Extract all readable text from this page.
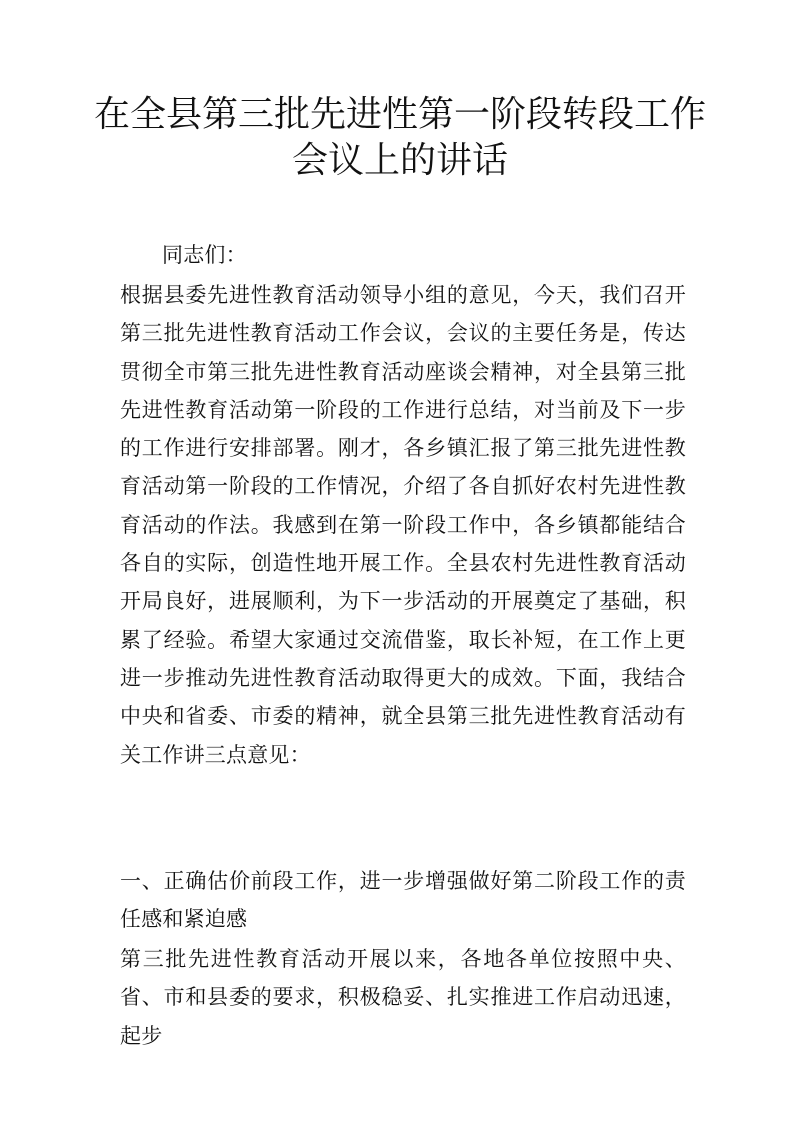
在全县第三批先进性第一阶段转段工作
会议上的讲话

同志们：

根据县委先进性教育活动领导小组的意见，今天，我们召开第三批先进性教育活动工作会议，会议的主要任务是，传达贯彻全市第三批先进性教育活动座谈会精神，对全县第三批先进性教育活动第一阶段的工作进行总结，对当前及下一步的工作进行安排部署。刚才，各乡镇汇报了第三批先进性教育活动第一阶段的工作情况，介绍了各自抓好农村先进性教育活动的作法。我感到在第一阶段工作中，各乡镇都能结合各自的实际，创造性地开展工作。全县农村先进性教育活动开局良好，进展顺利，为下一步活动的开展奠定了基础，积累了经验。希望大家通过交流借鉴，取长补短，在工作上更进一步推动先进性教育活动取得更大的成效。下面，我结合中央和省委、市委的精神，就全县第三批先进性教育活动有关工作讲三点意见：

一、正确估价前段工作，进一步增强做好第二阶段工作的责任感和紧迫感

第三批先进性教育活动开展以来，各地各单位按照中央、省、市和县委的要求，积极稳妥、扎实推进工作启动迅速，起步
